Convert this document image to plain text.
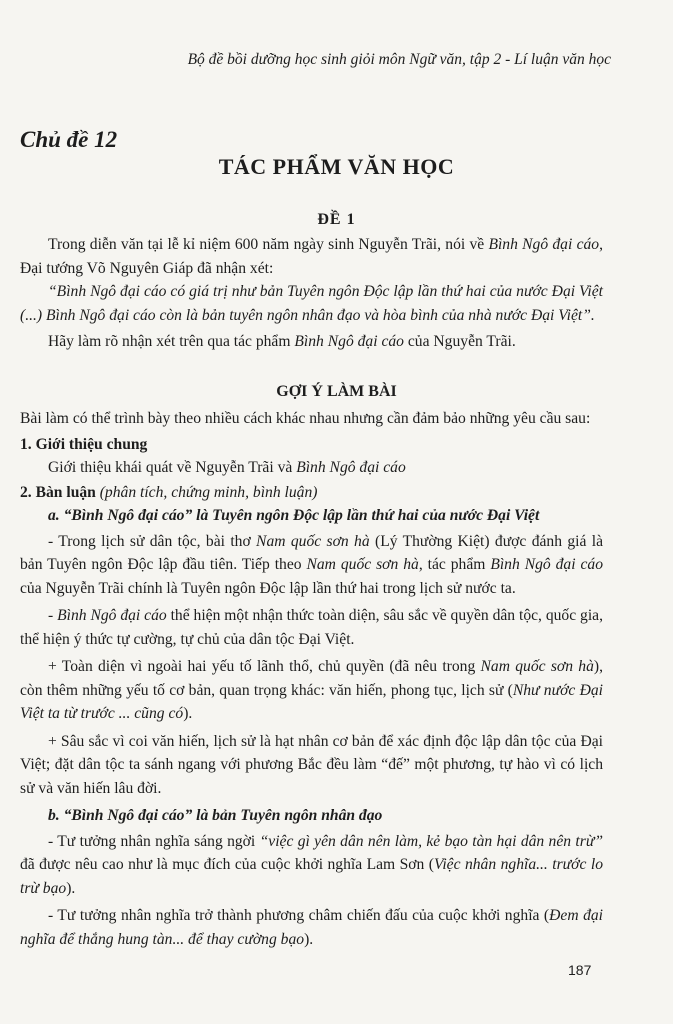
Bộ đề bồi dưỡng học sinh giỏi môn Ngữ văn, tập 2 - Lí luận văn học
Chủ đề 12
TÁC PHẨM VĂN HỌC
ĐỀ 1

Trong diễn văn tại lễ kỉ niệm 600 năm ngày sinh Nguyễn Trãi, nói về Bình Ngô đại cáo, Đại tướng Võ Nguyên Giáp đã nhận xét:

“Bình Ngô đại cáo có giá trị như bản Tuyên ngôn Độc lập lần thứ hai của nước Đại Việt (...) Bình Ngô đại cáo còn là bản tuyên ngôn nhân đạo và hòa bình của nhà nước Đại Việt”.

Hãy làm rõ nhận xét trên qua tác phẩm Bình Ngô đại cáo của Nguyễn Trãi.

GỢI Ý LÀM BÀI

Bài làm có thể trình bày theo nhiều cách khác nhau nhưng cần đảm bảo những yêu cầu sau:

1. Giới thiệu chung

Giới thiệu khái quát về Nguyễn Trãi và Bình Ngô đại cáo

2. Bàn luận (phân tích, chứng minh, bình luận)

a. “Bình Ngô đại cáo” là Tuyên ngôn Độc lập lần thứ hai của nước Đại Việt

- Trong lịch sử dân tộc, bài thơ Nam quốc sơn hà (Lý Thường Kiệt) được đánh giá là bản Tuyên ngôn Độc lập đầu tiên. Tiếp theo Nam quốc sơn hà, tác phẩm Bình Ngô đại cáo của Nguyễn Trãi chính là Tuyên ngôn Độc lập lần thứ hai trong lịch sử nước ta.

- Bình Ngô đại cáo thể hiện một nhận thức toàn diện, sâu sắc về quyền dân tộc, quốc gia, thể hiện ý thức tự cường, tự chủ của dân tộc Đại Việt.

+ Toàn diện vì ngoài hai yếu tố lãnh thổ, chủ quyền (đã nêu trong Nam quốc sơn hà), còn thêm những yếu tố cơ bản, quan trọng khác: văn hiến, phong tục, lịch sử (Như nước Đại Việt ta từ trước ... cũng có).

+ Sâu sắc vì coi văn hiến, lịch sử là hạt nhân cơ bản để xác định độc lập dân tộc của Đại Việt; đặt dân tộc ta sánh ngang với phương Bắc đều làm “đế” một phương, tự hào vì có lịch sử và văn hiến lâu đời.

b. “Bình Ngô đại cáo” là bản Tuyên ngôn nhân đạo

- Tư tưởng nhân nghĩa sáng ngời “việc gì yên dân nên làm, kẻ bạo tàn hại dân nên trừ” đã được nêu cao như là mục đích của cuộc khởi nghĩa Lam Sơn (Việc nhân nghĩa... trước lo trừ bạo).

- Tư tưởng nhân nghĩa trở thành phương châm chiến đấu của cuộc khởi nghĩa (Đem đại nghĩa để thắng hung tàn... để thay cường bạo).

187
